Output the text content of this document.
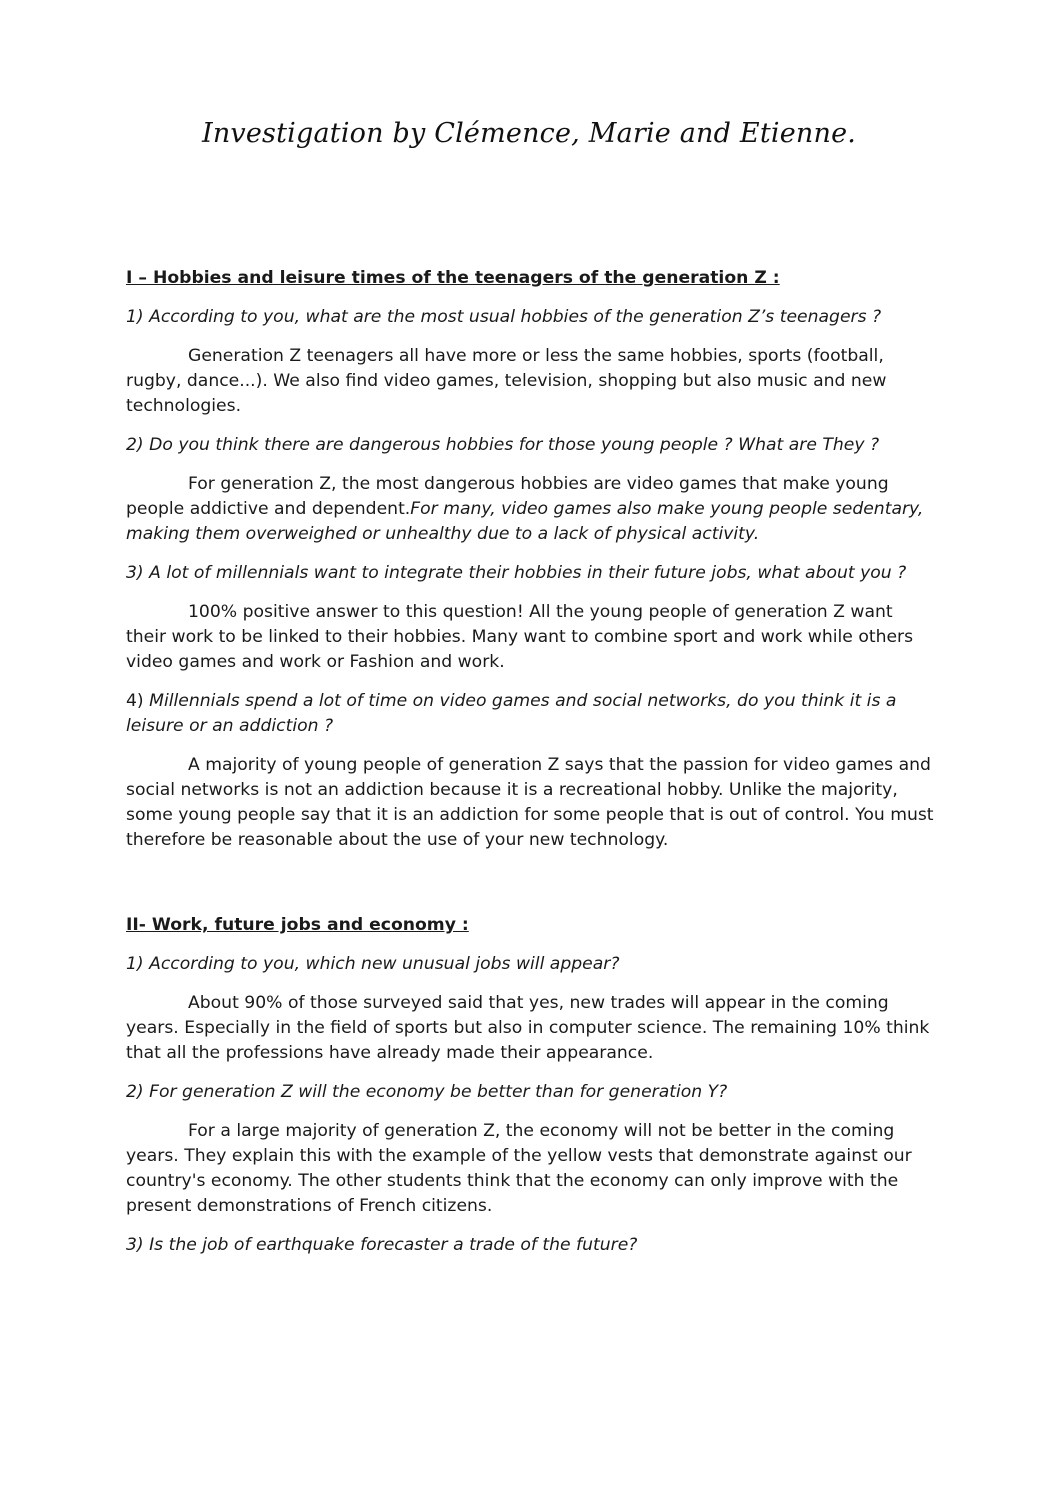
Investigation by Clémence, Marie and Etienne.
I – Hobbies and leisure times of the teenagers of the generation Z :

1) According to you, what are the most usual hobbies of the generation Z’s teenagers ?

Generation Z teenagers all have more or less the same hobbies, sports (football, rugby, dance...). We also find video games, television, shopping but also music and new technologies.

2) Do you think there are dangerous hobbies for those young people ? What are They ?

For generation Z, the most dangerous hobbies are video games that make young people addictive and dependent.For many, video games also make young people sedentary, making them overweighed or unhealthy due to a lack of physical activity.

3) A lot of millennials want to integrate their hobbies in their future jobs, what about you ?

100% positive answer to this question! All the young people of generation Z want their work to be linked to their hobbies. Many want to combine sport and work while others video games and work or Fashion and work.

4) Millennials spend a lot of time on video games and social networks, do you think it is a leisure or an addiction ?

A majority of young people of generation Z says that the passion for video games and social networks is not an addiction because it is a recreational hobby. Unlike the majority, some young people say that it is an addiction for some people that is out of control. You must therefore be reasonable about the use of your new technology.

II- Work, future jobs and economy :

1) According to you, which new unusual jobs will appear?

About 90% of those surveyed said that yes, new trades will appear in the coming years. Especially in the field of sports but also in computer science. The remaining 10% think that all the professions have already made their appearance.

2) For generation Z will the economy be better than for generation Y?

For a large majority of generation Z, the economy will not be better in the coming years. They explain this with the example of the yellow vests that demonstrate against our country's economy. The other students think that the economy can only improve with the present demonstrations of French citizens.

3) Is the job of earthquake forecaster a trade of the future?
